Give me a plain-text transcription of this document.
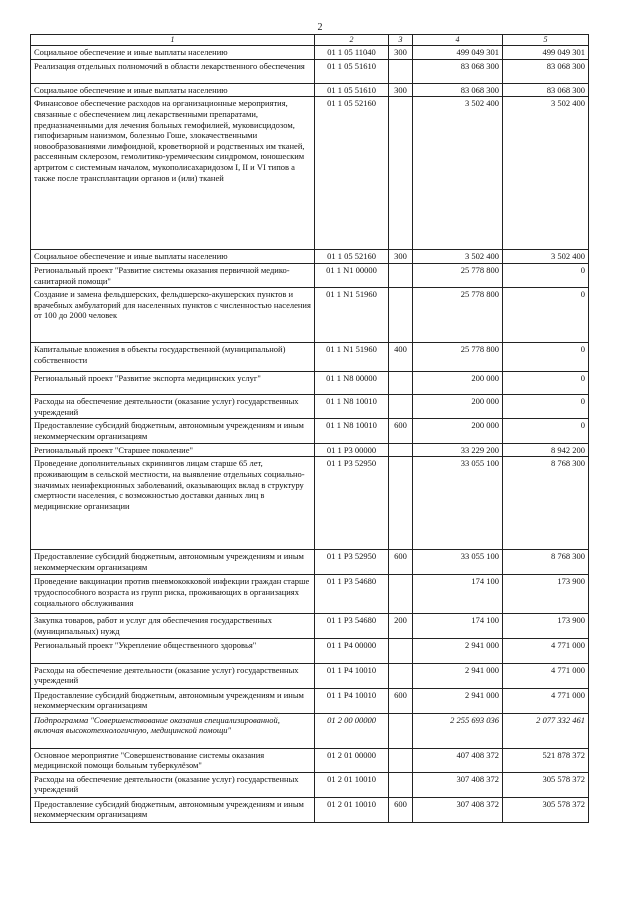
2
1	2	3	4	5
Социальное обеспечение и иные выплаты населению	01 1 05 11040	300	499 049 301	499 049 301
Реализация отдельных полномочий в области лекарственного обеспечения	01 1 05 51610		83 068 300	83 068 300
Социальное обеспечение и иные выплаты населению	01 1 05 51610	300	83 068 300	83 068 300
Финансовое обеспечение расходов на организационные мероприятия, связанные с обеспечением лиц лекарственными препаратами, предназначенными для лечения больных гемофилией, муковисцидозом, гипофизарным нанизмом, болезнью Гоше, злокачественными новообразованиями лимфоидной, кроветворной и родственных им тканей, рассеянным склерозом, гемолитико-уремическим синдромом, юношеским артритом с системным началом, мукополисахаридозом I, II и VI типов а также после трансплантации органов и (или) тканей	01 1 05 52160		3 502 400	3 502 400
Социальное обеспечение и иные выплаты населению	01 1 05 52160	300	3 502 400	3 502 400
Региональный проект "Развитие системы оказания первичной медико-санитарной помощи"	01 1 N1 00000		25 778 800	0
Создание и замена фельдшерских, фельдшерско-акушерских пунктов и врачебных амбулаторий для населенных пунктов с численностью населения от 100 до 2000 человек	01 1 N1 51960		25 778 800	0
Капитальные вложения в объекты государственной (муниципальной) собственности	01 1 N1 51960	400	25 778 800	0
Региональный проект "Развитие экспорта медицинских услуг"	01 1 N8 00000		200 000	0
Расходы на обеспечение деятельности (оказание услуг) государственных учреждений	01 1 N8 10010		200 000	0
Предоставление субсидий бюджетным, автономным учреждениям и иным некоммерческим организациям	01 1 N8 10010	600	200 000	0
Региональный проект "Старшее поколение"	01 1 P3 00000		33 229 200	8 942 200
Проведение дополнительных скринингов лицам старше 65 лет, проживающим в сельской местности, на выявление отдельных социально-значимых неинфекционных заболеваний, оказывающих вклад в структуру смертности населения, с возможностью доставки данных лиц в медицинские организации	01 1 P3 52950		33 055 100	8 768 300
Предоставление субсидий бюджетным, автономным учреждениям и иным некоммерческим организациям	01 1 P3 52950	600	33 055 100	8 768 300
Проведение вакцинации против пневмококковой инфекции граждан старше трудоспособного возраста из групп риска, проживающих в организациях социального обслуживания	01 1 P3 54680		174 100	173 900
Закупка товаров, работ и услуг для обеспечения государственных (муниципальных) нужд	01 1 P3 54680	200	174 100	173 900
Региональный проект "Укрепление общественного здоровья"	01 1 P4 00000		2 941 000	4 771 000
Расходы на обеспечение деятельности (оказание услуг) государственных учреждений	01 1 P4 10010		2 941 000	4 771 000
Предоставление субсидий бюджетным, автономным учреждениям и иным некоммерческим организациям	01 1 P4 10010	600	2 941 000	4 771 000
Подпрограмма "Совершенствование оказания специализированной, включая высокотехнологичную, медицинской помощи"	01 2 00 00000		2 255 693 036	2 077 332 461
Основное мероприятие "Совершенствование системы оказания медицинской помощи больным туберкулёзом"	01 2 01 00000		407 408 372	521 878 372
Расходы на обеспечение деятельности (оказание услуг) государственных учреждений	01 2 01 10010		307 408 372	305 578 372
Предоставление субсидий бюджетным, автономным учреждениям и иным некоммерческим организациям	01 2 01 10010	600	307 408 372	305 578 372
